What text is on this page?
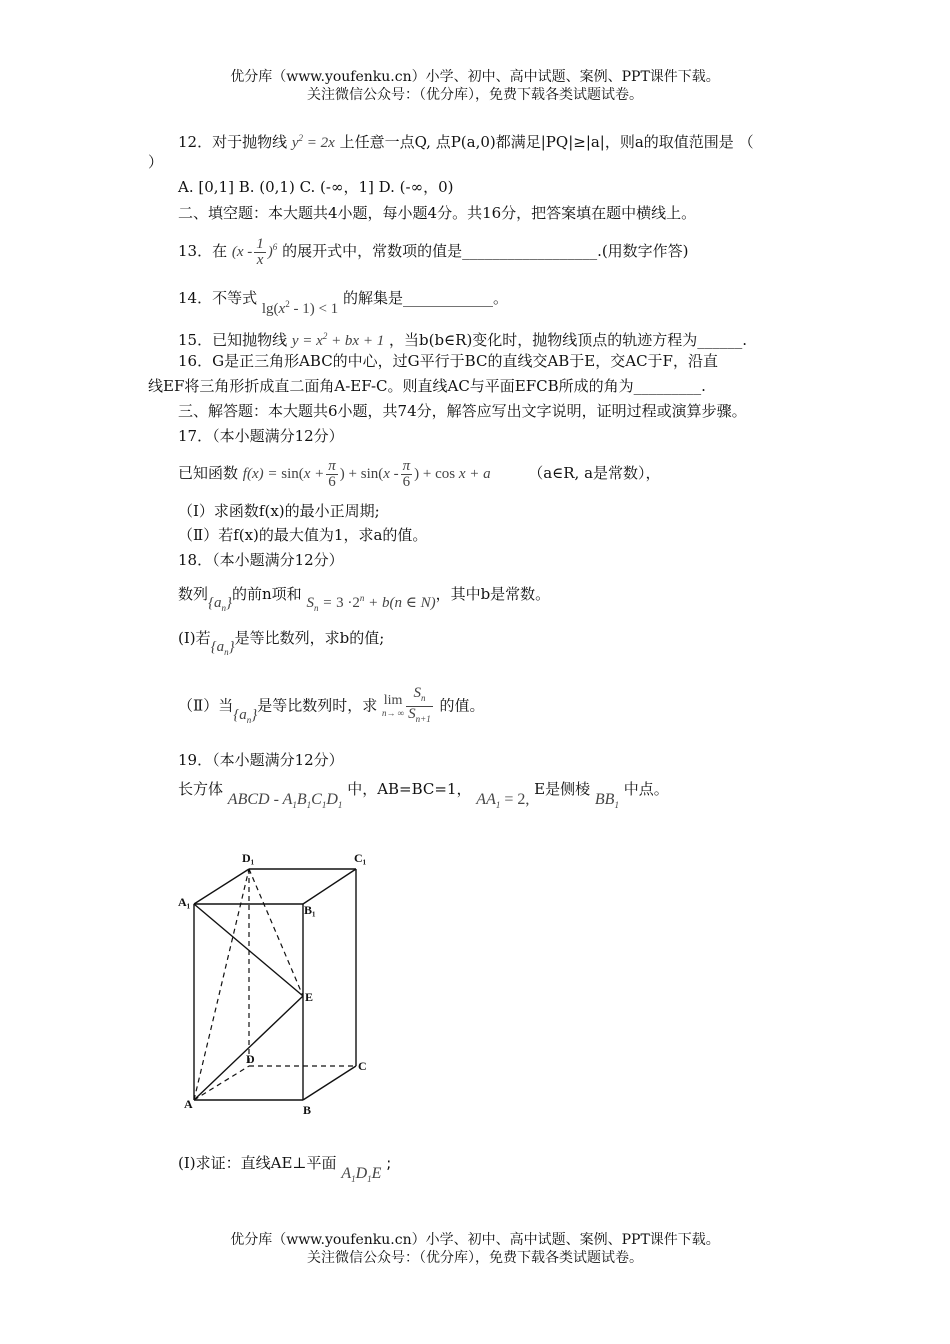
优分库（www.youfenku.cn）小学、初中、高中试题、案例、PPT课件下载。
关注微信公众号：（优分库），免费下载各类试题试卷。
12．对于抛物线 $y^2 = 2x$ 上任意一点Q, 点P(a,0)都满足|PQ|≥|a|，则a的取值范围是 （
）
A. [0,1] B. (0,1) C. (-∞，1] D. (-∞，0)
二、填空题：本大题共4小题，每小题4分。共16分，把答案填在题中横线上。
13．在 $(x - \frac{1}{x} )^6$ 的展开式中，常数项的值是__________________.(用数字作答)
14．不等式 $\lg(x^2 - 1) < 1$ 的解集是____________。
15．已知抛物线 $y = x^2$ + bx + 1 ，当b(b∈R)变化时，抛物线顶点的轨迹方程为______.
16．G是正三角形ABC的中心，过G平行于BC的直线交AB于E，交AC于F，沿直
线EF将三角形折成直二面角A-EF-C。则直线AC与平面EFCB所成的角为_________.
三、解答题：本大题共6小题，共74分，解答应写出文字说明，证明过程或演算步骤。
17．（本小题满分12分）
已知函数 $f(x) = \sin(x + \frac{\pi}{6}$ ) + $\sin(x - \frac{\pi}{6}$ ) + cos x + a	（a∈R, a是常数），
（Ⅰ）求函数f(x)的最小正周期;
（Ⅱ）若f(x)的最大值为1，求a的值。
18．（本小题满分12分）
数列$\{a_n\}$的前n项和 $S_n = 3 \cdot 2^n + b(n$ ∈ N)，其中b是常数。
(Ⅰ)若$\{a_n\}$是等比数列，求b的值;
（Ⅱ）当$\{a_n\}$是等比数列时，求 lim
n→ ∞ $\frac{S_n}{S_{n+1}}$ 的值。
19．（本小题满分12分）
长方体 ABCD - $A_1B_1C_1D_1$ 中，AB=BC=1， $AA_1 = 2$, E是侧棱 $BB_1$ 中点。
D₁	C₁
A₁
B₁
E
D	C
A	B
(Ⅰ)求证：直线AE⊥平面 $A_1D_1E$ ;
优分库（www.youfenku.cn）小学、初中、高中试题、案例、PPT课件下载。
关注微信公众号：（优分库），免费下载各类试题试卷。
